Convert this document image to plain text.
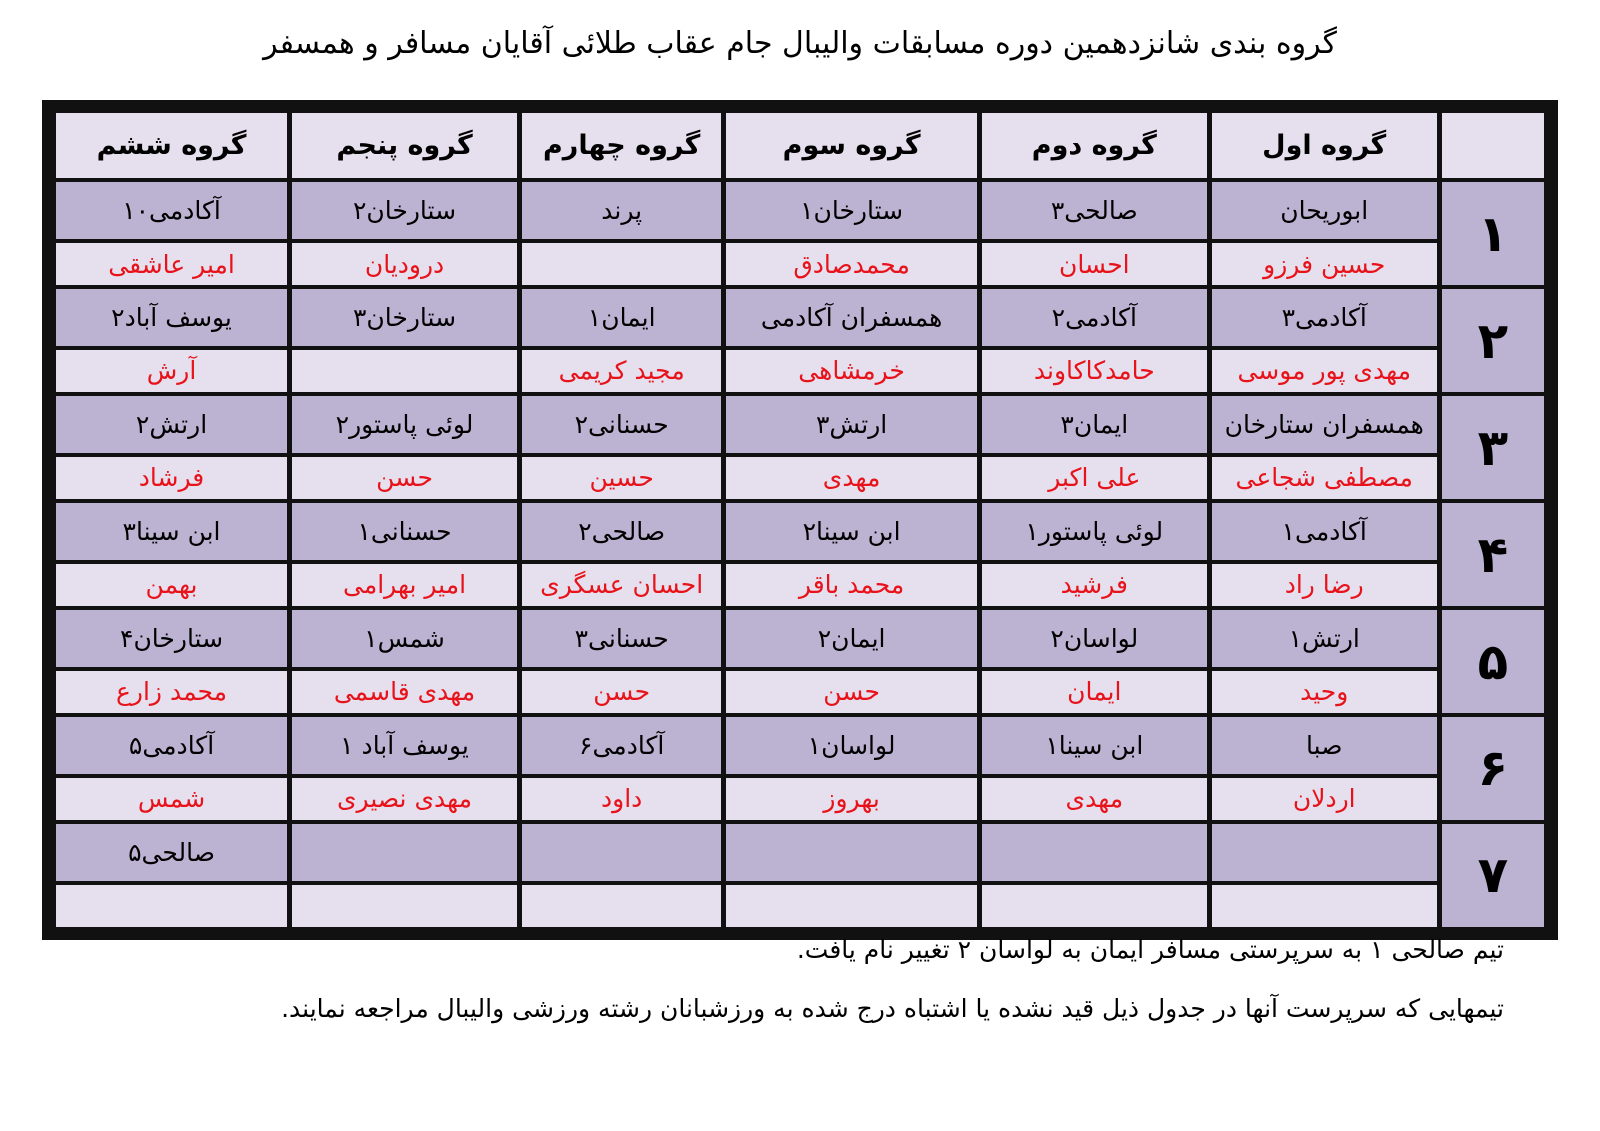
گروه بندی شانزدهمین دوره مسابقات والیبال جام عقاب طلائی آقایان مسافر و همسفر
گروه ششم	گروه پنجم	گروه چهارم	گروه سوم	گروه دوم	گروه اول	
آکادمی۱۰	ستارخان۲	پرند	ستارخان۱	صالحی۳	ابوریحان	۱
امیر عاشقی	درودیان		محمدصادق	احسان	حسین فرزو	
یوسف آباد۲	ستارخان۳	ایمان۱	همسفران آکادمی	آکادمی۲	آکادمی۳	۲
آرش		مجید کریمی	خرمشاهی	حامدکاکاوند	مهدی پور موسی	
ارتش۲	لوئی پاستور۲	حسنانی۲	ارتش۳	ایمان۳	همسفران ستارخان	۳
فرشاد	حسن	حسین	مهدی	علی اکبر	مصطفی شجاعی	
ابن سینا۳	حسنانی۱	صالحی۲	ابن سینا۲	لوئی پاستور۱	آکادمی۱	۴
بهمن	امیر بهرامی	احسان عسگری	محمد باقر	فرشید	رضا راد	
ستارخان۴	شمس۱	حسنانی۳	ایمان۲	لواسان۲	ارتش۱	۵
محمد زارع	مهدی قاسمی	حسن	حسن	ایمان	وحید	
آکادمی۵	یوسف آباد ۱	آکادمی۶	لواسان۱	ابن سینا۱	صبا	۶
شمس	مهدی نصیری	داود	بهروز	مهدی	اردلان	
صالحی۵						۷

تیم صالحی ۱ به سرپرستی مسافر ایمان به لواسان ۲ تغییر نام یافت.

تیمهایی که سرپرست آنها در جدول ذیل قید نشده یا اشتباه درج شده به ورزشبانان رشته ورزشی والیبال مراجعه نمایند.
